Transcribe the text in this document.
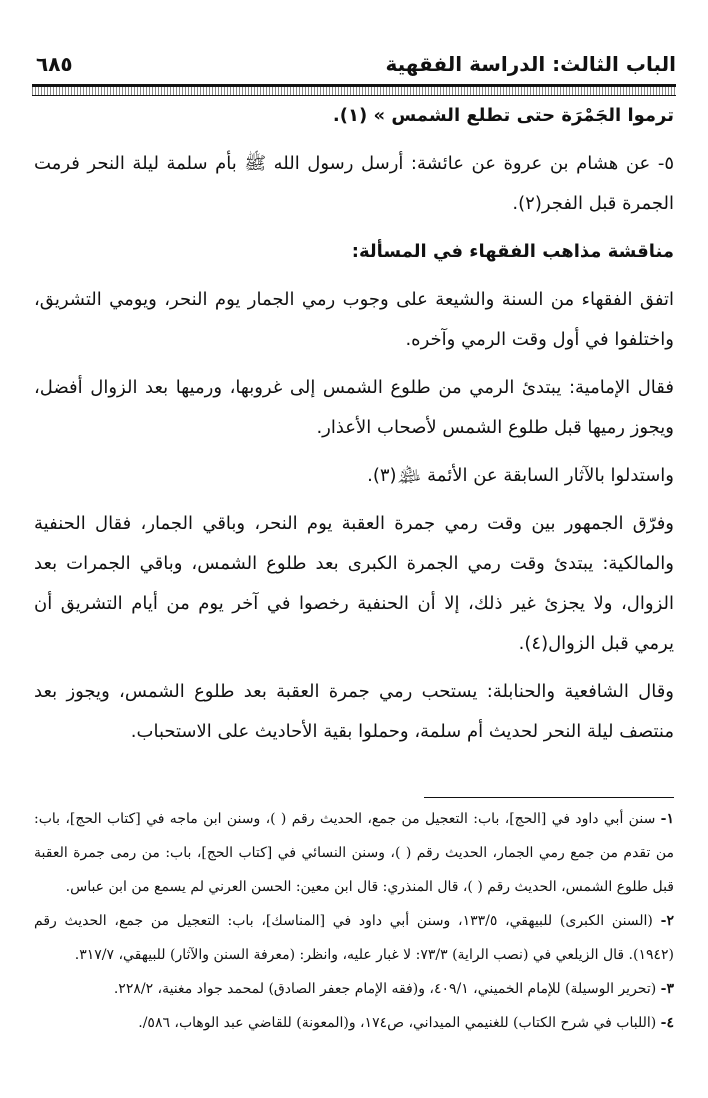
الباب الثالث: الدراسة الفقهية
٦٨٥

ترموا الجَمْرَة حتى تطلع الشمس » (١).

٥- عن هشام بن عروة عن عائشة: أرسل رسول الله ﷺ بأم سلمة ليلة النحر فرمت الجمرة قبل الفجر(٢).

مناقشة مذاهب الفقهاء في المسألة:

اتفق الفقهاء من السنة والشيعة على وجوب رمي الجمار يوم النحر، ويومي التشريق، واختلفوا في أول وقت الرمي وآخره.

فقال الإمامية: يبتدئ الرمي من طلوع الشمس إلى غروبها، ورميها بعد الزوال أفضل، ويجوز رميها قبل طلوع الشمس لأصحاب الأعذار.

واستدلوا بالآثار السابقة عن الأئمة ﵈(٣).

وفرّق الجمهور بين وقت رمي جمرة العقبة يوم النحر، وباقي الجمار، فقال الحنفية والمالكية: يبتدئ وقت رمي الجمرة الكبرى بعد طلوع الشمس، وباقي الجمرات بعد الزوال، ولا يجزئ غير ذلك، إلا أن الحنفية رخصوا في آخر يوم من أيام التشريق أن يرمي قبل الزوال(٤).

وقال الشافعية والحنابلة: يستحب رمي جمرة العقبة بعد طلوع الشمس، ويجوز بعد منتصف ليلة النحر لحديث أم سلمة، وحملوا بقية الأحاديث على الاستحباب.

١- سنن أبي داود في [الحج]، باب: التعجيل من جمع، الحديث رقم ( )، وسنن ابن ماجه في [كتاب الحج]، باب: من تقدم من جمع رمي الجمار، الحديث رقم ( )، وسنن النسائي في [كتاب الحج]، باب: من رمى جمرة العقبة قبل طلوع الشمس، الحديث رقم ( )، قال المنذري: قال ابن معين: الحسن العرني لم يسمع من ابن عباس.

٢- (السنن الكبرى) للبيهقي، ١٣٣/٥، وسنن أبي داود في [المناسك]، باب: التعجيل من جمع، الحديث رقم (١٩٤٢). قال الزيلعي في (نصب الراية) ٧٣/٣: لا غبار عليه، وانظر: (معرفة السنن والآثار) للبيهقي، ٣١٧/٧.

٣- (تحرير الوسيلة) للإمام الخميني، ٤٠٩/١، و(فقه الإمام جعفر الصادق) لمحمد جواد مغنية، ٢٢٨/٢.

٤- (اللباب في شرح الكتاب) للغنيمي الميداني، ص١٧٤، و(المعونة) للقاضي عبد الوهاب، ٥٨٦/.
